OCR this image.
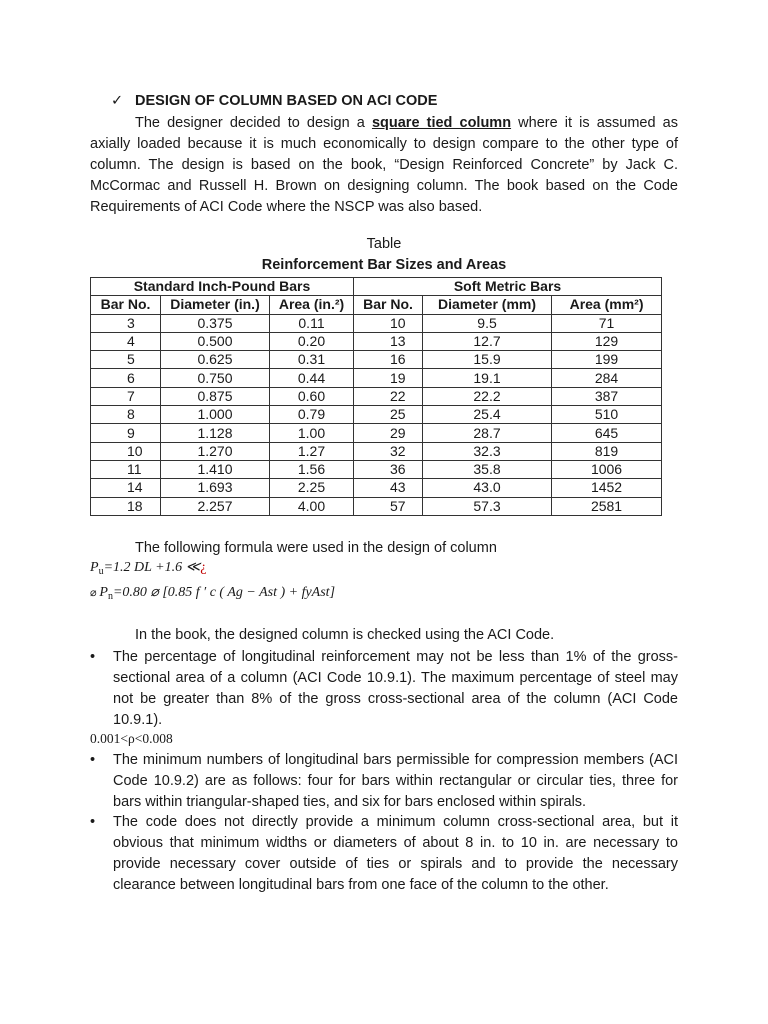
✓ DESIGN OF COLUMN BASED ON ACI CODE
The designer decided to design a square tied column where it is assumed as axially loaded because it is much economically to design compare to the other type of column. The design is based on the book, “Design Reinforced Concrete” by Jack C. McCormac and Russell H. Brown on designing column. The book based on the Code Requirements of ACI Code where the NSCP was also based.
Table
Reinforcement Bar Sizes and Areas
Standard Inch-Pound Bars			Soft Metric Bars		
Bar No.	Diameter (in.)	Area (in.²)	Bar No.	Diameter (mm)	Area (mm²)
3	0.375	0.11	10	9.5	71
4	0.500	0.20	13	12.7	129
5	0.625	0.31	16	15.9	199
6	0.750	0.44	19	19.1	284
7	0.875	0.60	22	22.2	387
8	1.000	0.79	25	25.4	510
9	1.128	1.00	29	28.7	645
10	1.270	1.27	32	32.3	819
11	1.410	1.56	36	35.8	1006
14	1.693	2.25	43	43.0	1452
18	2.257	4.00	57	57.3	2581
The following formula were used in the design of column
$P_u=1.2$ DL +1.6 ≪¿
⌀ $P_n=0.80$ ⌀ [0.85 f ′ c ( Ag − Ast ) + fyAst]
In the book, the designed column is checked using the ACI Code.
•	The percentage of longitudinal reinforcement may not be less than 1% of the gross-sectional area of a column (ACI Code 10.9.1). The maximum percentage of steel may not be greater than 8% of the gross cross-sectional area of the column (ACI Code 10.9.1).
0.001<ρ<0.008
•	The minimum numbers of longitudinal bars permissible for compression members (ACI Code 10.9.2) are as follows: four for bars within rectangular or circular ties, three for bars within triangular-shaped ties, and six for bars enclosed within spirals.
•	The code does not directly provide a minimum column cross-sectional area, but it obvious that minimum widths or diameters of about 8 in. to 10 in. are necessary to provide necessary cover outside of ties or spirals and to provide the necessary clearance between longitudinal bars from one face of the column to the other.
